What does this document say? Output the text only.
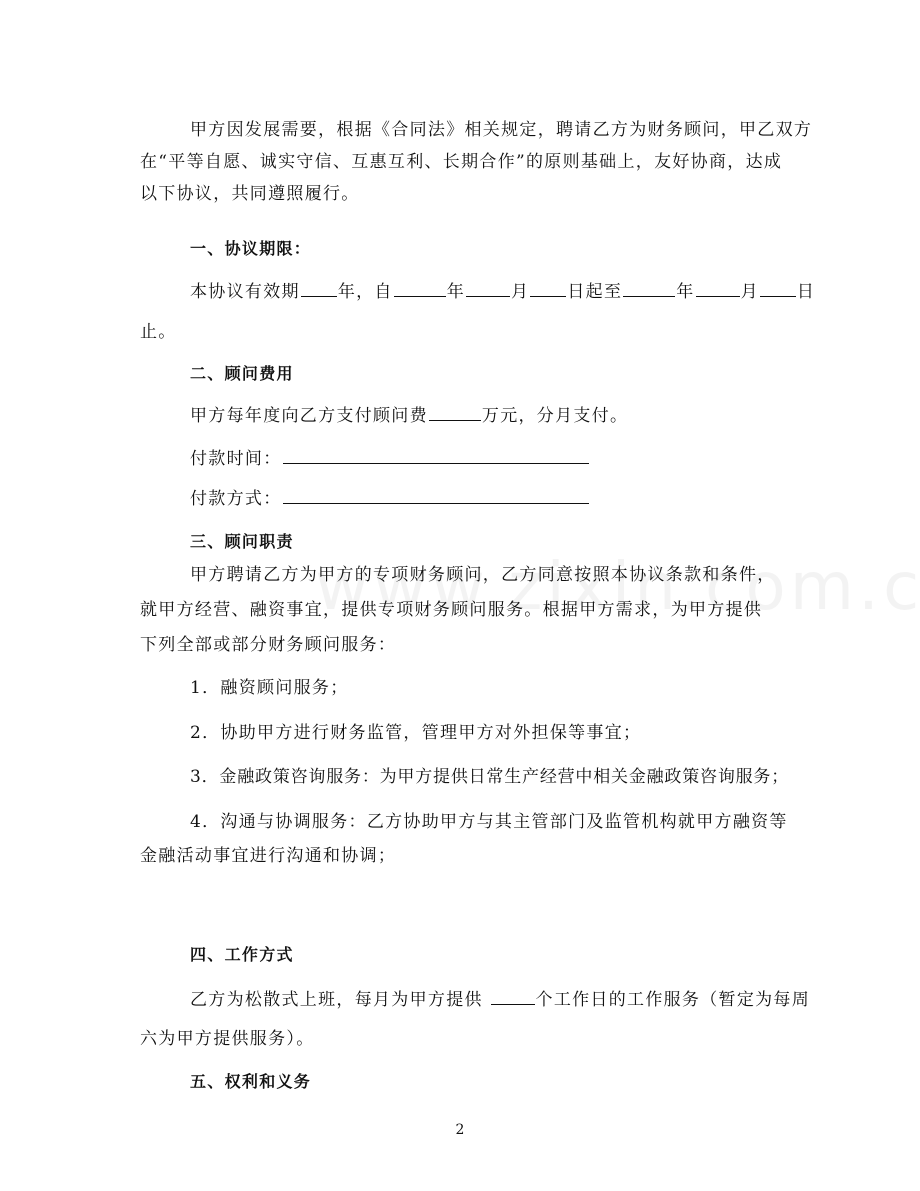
甲方因发展需要，根据《合同法》相关规定，聘请乙方为财务顾问，甲乙双方

在“平等自愿、诚实守信、互惠互利、长期合作”的原则基础上，友好协商，达成

以下协议，共同遵照履行。

一、协议期限：

本协议有效期 年，自	年	月 日起至	年	月 日

止。

二、顾问费用

甲方每年度向乙方支付顾问费	万元，分月支付。

付款时间：

付款方式：

三、顾问职责

甲方聘请乙方为甲方的专项财务顾问，乙方同意按照本协议条款和条件，

就甲方经营、融资事宜，提供专项财务顾问服务。根据甲方需求，为甲方提供

下列全部或部分财务顾问服务：

1．融资顾问服务；

2．协助甲方进行财务监管，管理甲方对外担保等事宜；

3．金融政策咨询服务：为甲方提供日常生产经营中相关金融政策咨询服务；

4．沟通与协调服务：乙方协助甲方与其主管部门及监管机构就甲方融资等

金融活动事宜进行沟通和协调；

四、工作方式

乙方为松散式上班，每月为甲方提供	个工作日的工作服务（暂定为每周

六为甲方提供服务）。

五、权利和义务

2
